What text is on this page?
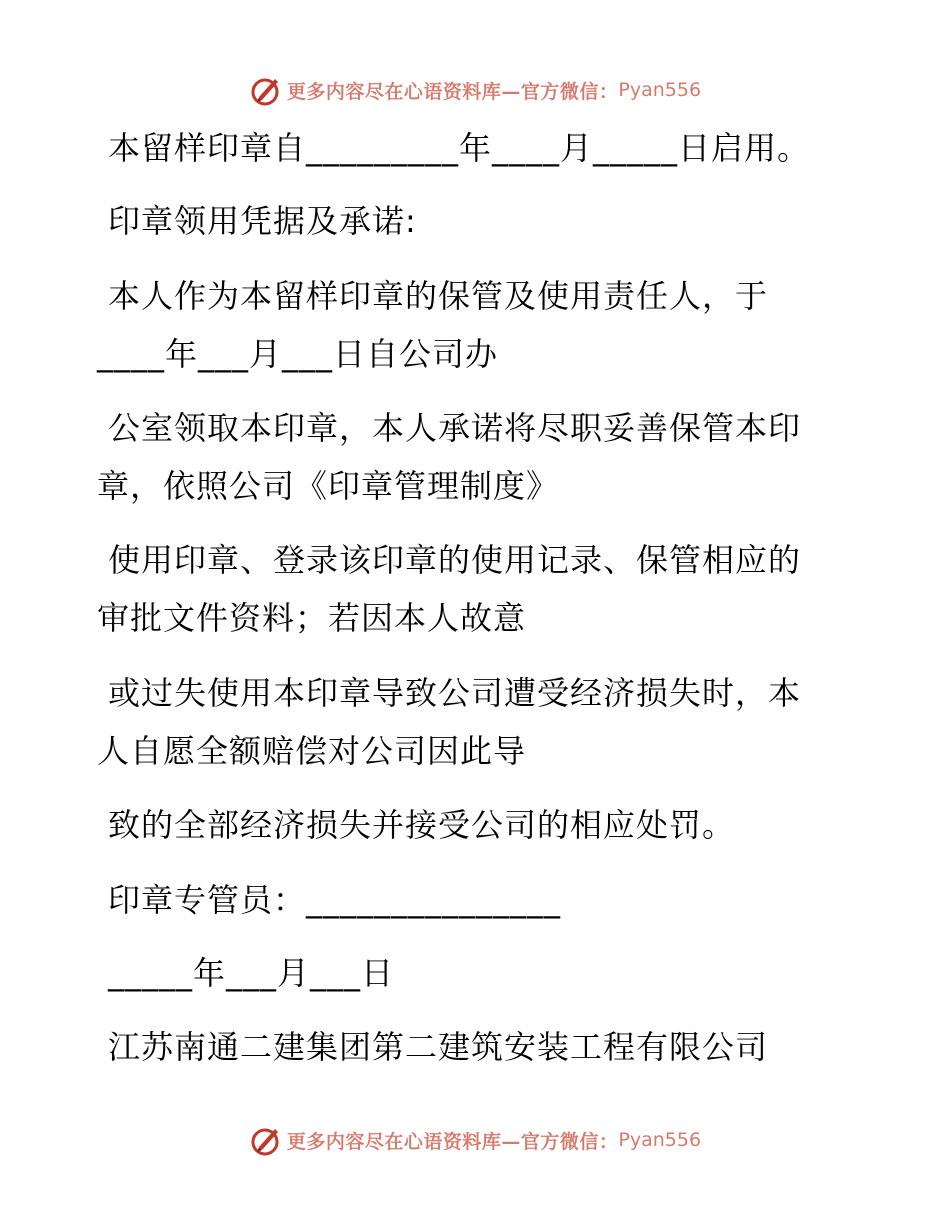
更多内容尽在心语资料库—官方微信： Pyan556
本留样印章自_________年____月_____日启用。
印章领用凭据及承诺:
本人作为本留样印章的保管及使用责任人，于
____年___月___日自公司办
公室领取本印章，本人承诺将尽职妥善保管本印
章，依照公司《印章管理制度》
使用印章、登录该印章的使用记录、保管相应的
审批文件资料；若因本人故意
或过失使用本印章导致公司遭受经济损失时，本
人自愿全额赔偿对公司因此导
致的全部经济损失并接受公司的相应处罚。
印章专管员：_______________
_____年___月___日
江苏南通二建集团第二建筑安装工程有限公司
更多内容尽在心语资料库—官方微信： Pyan556
